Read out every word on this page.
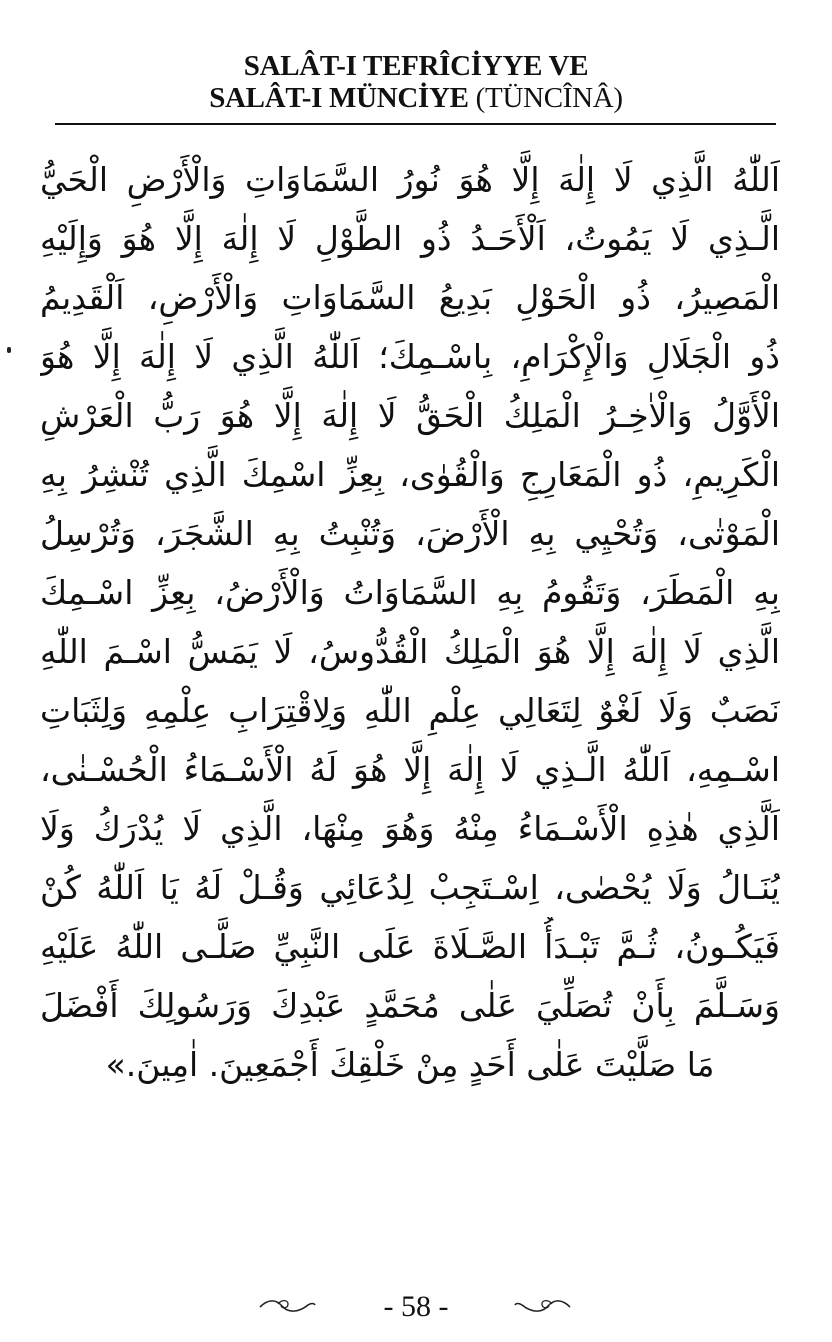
SALÂT-I TEFRÎCİYYE VE
SALÂT-I MÜNCİYE (TÜNCÎNÂ)
اَللّٰهُ الَّذِي لَا إِلٰهَ إِلَّا هُوَ نُورُ السَّمَاوَاتِ وَالْأَرْضِ الْحَيُّ
الَّـذِي لَا يَمُوتُ، اَلْأَحَـدُ ذُو الطَّوْلِ لَا إِلٰهَ إِلَّا هُوَ وَإِلَيْهِ
الْمَصِيرُ، ذُو الْحَوْلِ بَدِيعُ السَّمَاوَاتِ وَالْأَرْضِ، اَلْقَدِيمُ
ذُو الْجَلَالِ وَالْإِكْرَامِ، بِاسْـمِكَ؛ اَللّٰهُ الَّذِي لَا إِلٰهَ إِلَّا هُوَ
الْأَوَّلُ وَالْاٰخِـرُ الْمَلِكُ الْحَقُّ لَا إِلٰهَ إِلَّا هُوَ رَبُّ الْعَرْشِ
الْكَرِيمِ، ذُو الْمَعَارِجِ وَالْقُوٰى، بِعِزِّ اسْمِكَ الَّذِي تُنْشِرُ بِهِ
الْمَوْتٰى، وَتُحْيِي بِهِ الْأَرْضَ، وَتُنْبِتُ بِهِ الشَّجَرَ، وَتُرْسِلُ
بِهِ الْمَطَرَ، وَتَقُومُ بِهِ السَّمَاوَاتُ وَالْأَرْضُ، بِعِزِّ اسْـمِكَ
الَّذِي لَا إِلٰهَ إِلَّا هُوَ الْمَلِكُ الْقُدُّوسُ، لَا يَمَسُّ اسْـمَ اللّٰهِ
نَصَبٌ وَلَا لَغْوٌ لِتَعَالِي عِلْمِ اللّٰهِ وَلِاقْتِرَابِ عِلْمِهِ وَلِثَبَاتِ
اسْـمِهِ، اَللّٰهُ الَّـذِي لَا إِلٰهَ إِلَّا هُوَ لَهُ الْأَسْـمَاءُ الْحُسْـنٰى،
اَلَّذِي هٰذِهِ الْأَسْـمَاءُ مِنْهُ وَهُوَ مِنْهَا، الَّذِي لَا يُدْرَكُ وَلَا
يُنَـالُ وَلَا يُحْصٰى، اِسْـتَجِبْ لِدُعَائِي وَقُـلْ لَهُ يَا اَللّٰهُ كُنْ
فَيَكُـونُ، ثُـمَّ تَبْـدَأُ الصَّـلَاةَ عَلَى النَّبِيِّ صَلَّـى اللّٰهُ عَلَيْهِ
وَسَـلَّمَ بِأَنْ تُصَلِّيَ عَلٰى مُحَمَّدٍ عَبْدِكَ وَرَسُولِكَ أَفْضَلَ
مَا صَلَّيْتَ عَلٰى أَحَدٍ مِنْ خَلْقِكَ أَجْمَعِينَ. اٰمِينَ.»
- 58 -
